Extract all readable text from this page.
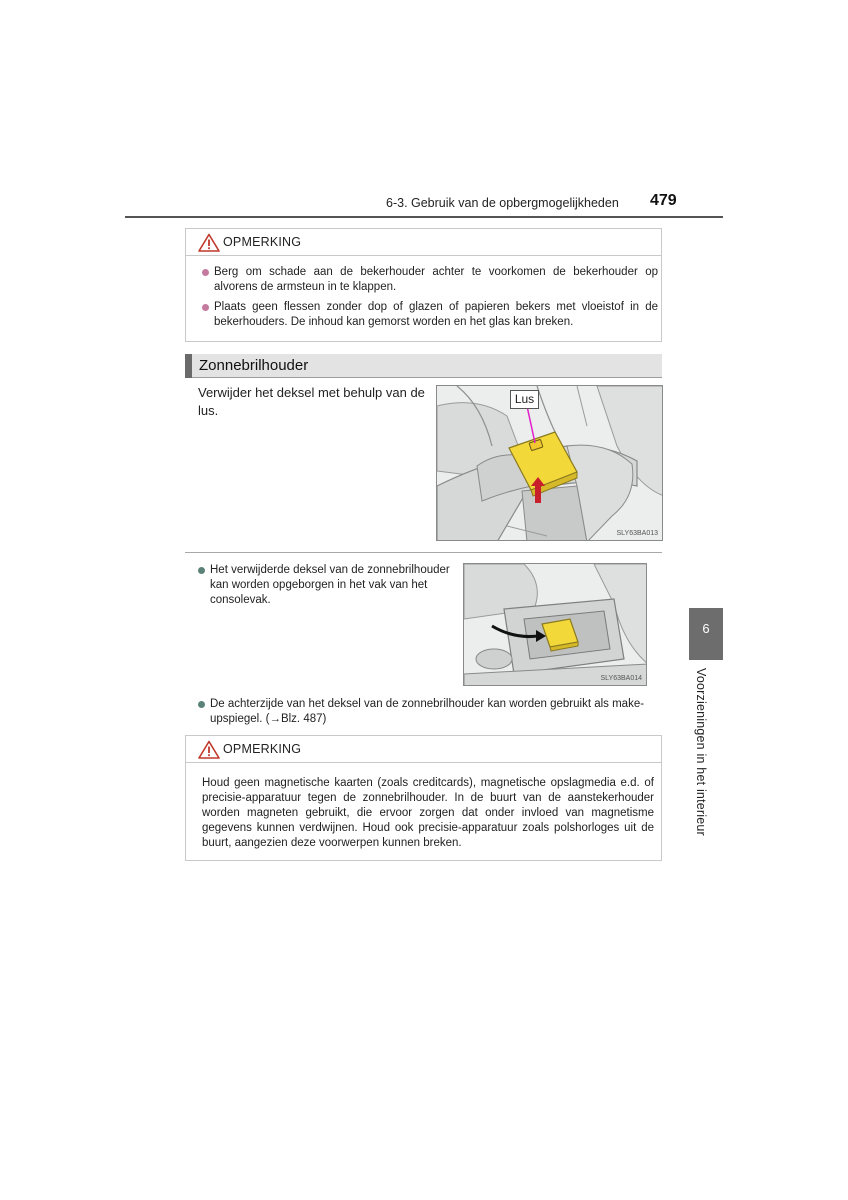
6-3. Gebruik van de opbergmogelijkheden 479
OPMERKING
Berg om schade aan de bekerhouder achter te voorkomen de bekerhouder op alvorens de armsteun in te klappen.
Plaats geen flessen zonder dop of glazen of papieren bekers met vloeistof in de bekerhouders. De inhoud kan gemorst worden en het glas kan breken.
Zonnebrilhouder
Verwijder het deksel met behulp van de lus.
Lus
SLY63BA013
Het verwijderde deksel van de zonnebrilhouder kan worden opgeborgen in het vak van het consolevak.
SLY63BA014
De achterzijde van het deksel van de zonnebrilhouder kan worden gebruikt als make-upspiegel. (→Blz. 487)
OPMERKING
Houd geen magnetische kaarten (zoals creditcards), magnetische opslagmedia e.d. of precisie-apparatuur tegen de zonnebrilhouder. In de buurt van de aanstekerhouder worden magneten gebruikt, die ervoor zorgen dat onder invloed van magnetisme gegevens kunnen verdwijnen. Houd ook precisie-apparatuur zoals polshorloges uit de buurt, aangezien deze voorwerpen kunnen breken.
6
Voorzieningen in het interieur
